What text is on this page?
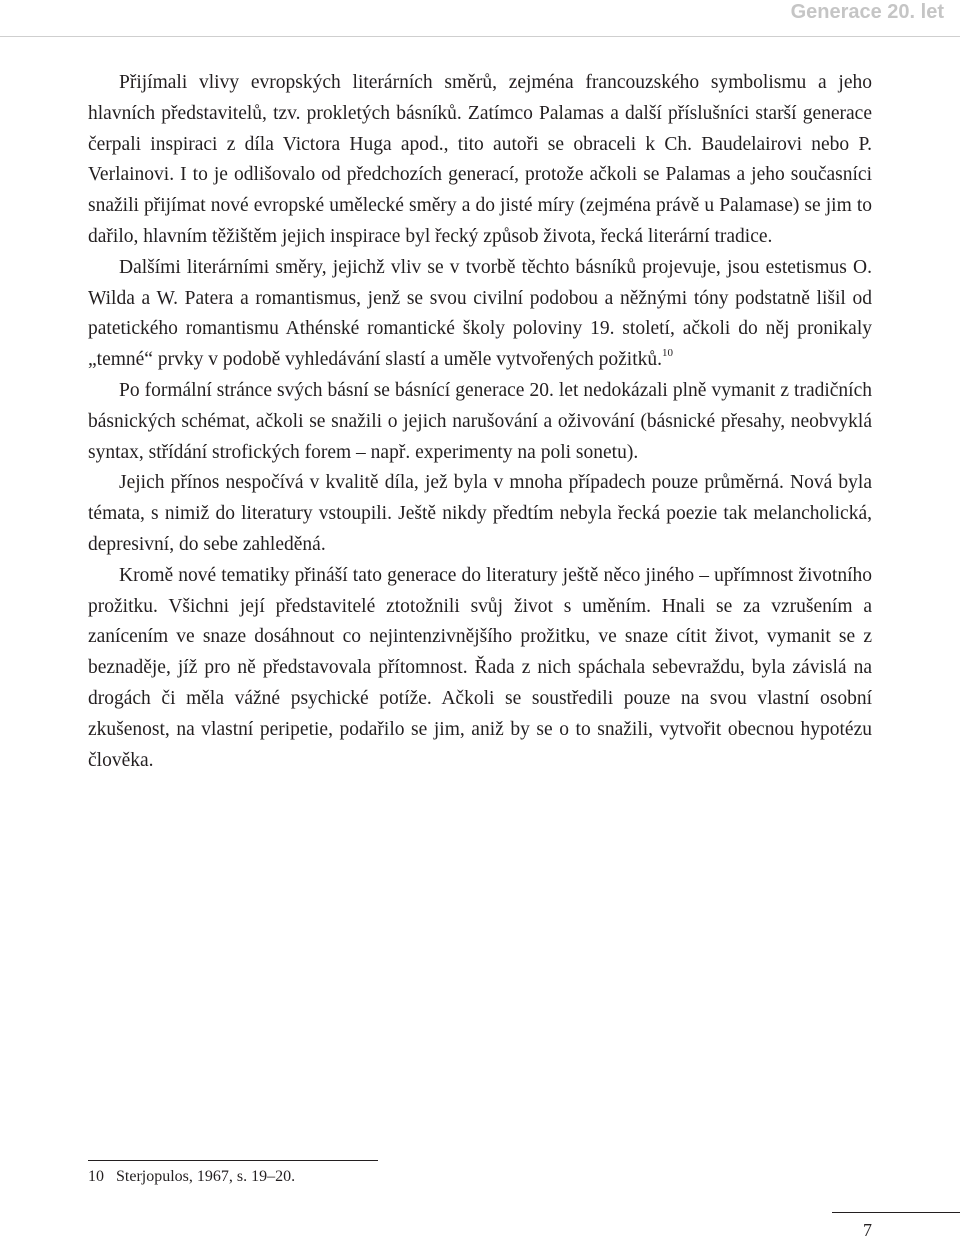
Generace 20. let

Přijímali vlivy evropských literárních směrů, zejména francouzského symbolismu a jeho hlavních představitelů, tzv. prokletých básníků. Zatímco Palamas a další příslušníci starší generace čerpali inspiraci z díla Victora Huga apod., tito autoři se obraceli k Ch. Baudelairovi nebo P. Verlainovi. I to je odlišovalo od předchozích generací, protože ačkoli se Palamas a jeho současníci snažili přijímat nové evropské umělecké směry a do jisté míry (zejména právě u Palamase) se jim to dařilo, hlavním těžištěm jejich inspirace byl řecký způsob života, řecká literární tradice.

Dalšími literárními směry, jejichž vliv se v tvorbě těchto básníků projevuje, jsou estetismus O. Wilda a W. Patera a romantismus, jenž se svou civilní podobou a něžnými tóny podstatně lišil od patetického romantismu Athénské romantické školy poloviny 19. století, ačkoli do něj pronikaly „temné“ prvky v podobě vyhledávání slastí a uměle vytvořených požitků.$^{10}$

Po formální stránce svých básní se básnící generace 20. let nedokázali plně vymanit z tradičních básnických schémat, ačkoli se snažili o jejich narušování a oživování (básnické přesahy, neobvyklá syntax, střídání strofických forem – např. experimenty na poli sonetu).

Jejich přínos nespočívá v kvalitě díla, jež byla v mnoha případech pouze průměrná. Nová byla témata, s nimiž do literatury vstoupili. Ještě nikdy předtím nebyla řecká poezie tak melancholická, depresivní, do sebe zahleděná.

Kromě nové tematiky přináší tato generace do literatury ještě něco jiného – upřímnost životního prožitku. Všichni její představitelé ztotožnili svůj život s uměním. Hnali se za vzrušením a zanícením ve snaze dosáhnout co nejintenzivnějšího prožitku, ve snaze cítit život, vymanit se z beznaděje, jíž pro ně představovala přítomnost. Řada z nich spáchala sebevraždu, byla závislá na drogách či měla vážné psychické potíže. Ačkoli se soustředili pouze na svou vlastní osobní zkušenost, na vlastní peripetie, podařilo se jim, aniž by se o to snažili, vytvořit obecnou hypotézu člověka.

10 Sterjopulos, 1967, s. 19–20.
7
